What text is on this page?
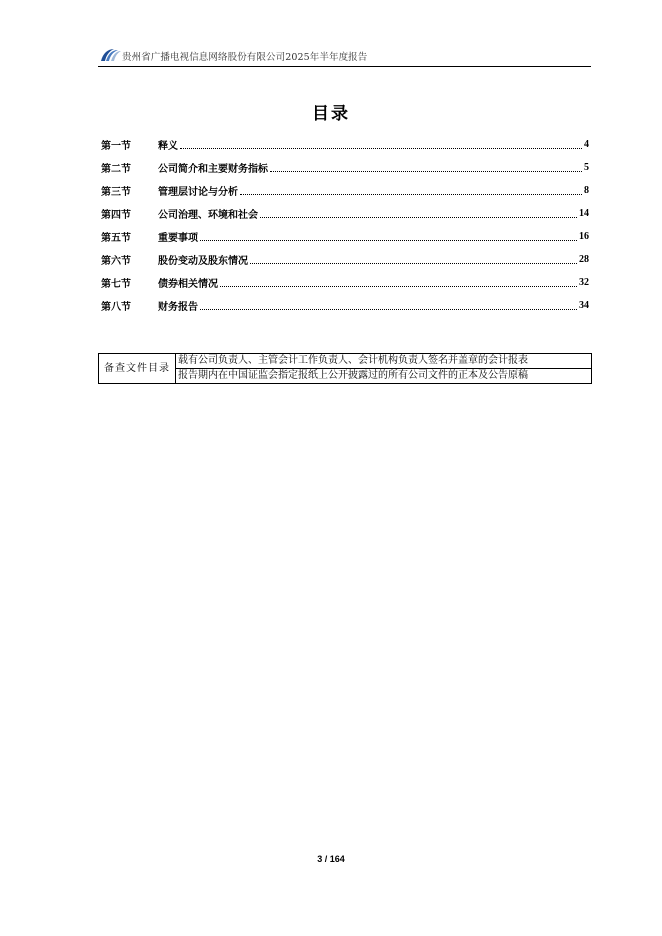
贵州省广播电视信息网络股份有限公司2025年半年度报告
目录
第一节	释义	4
第二节	公司简介和主要财务指标	5
第三节	管理层讨论与分析	8
第四节	公司治理、环境和社会	14
第五节	重要事项	16
第六节	股份变动及股东情况	28
第七节	债券相关情况	32
第八节	财务报告	34
备查文件目录	载有公司负责人、主管会计工作负责人、会计机构负责人签名并盖章的会计报表
报告期内在中国证监会指定报纸上公开披露过的所有公司文件的正本及公告原稿
3 / 164
